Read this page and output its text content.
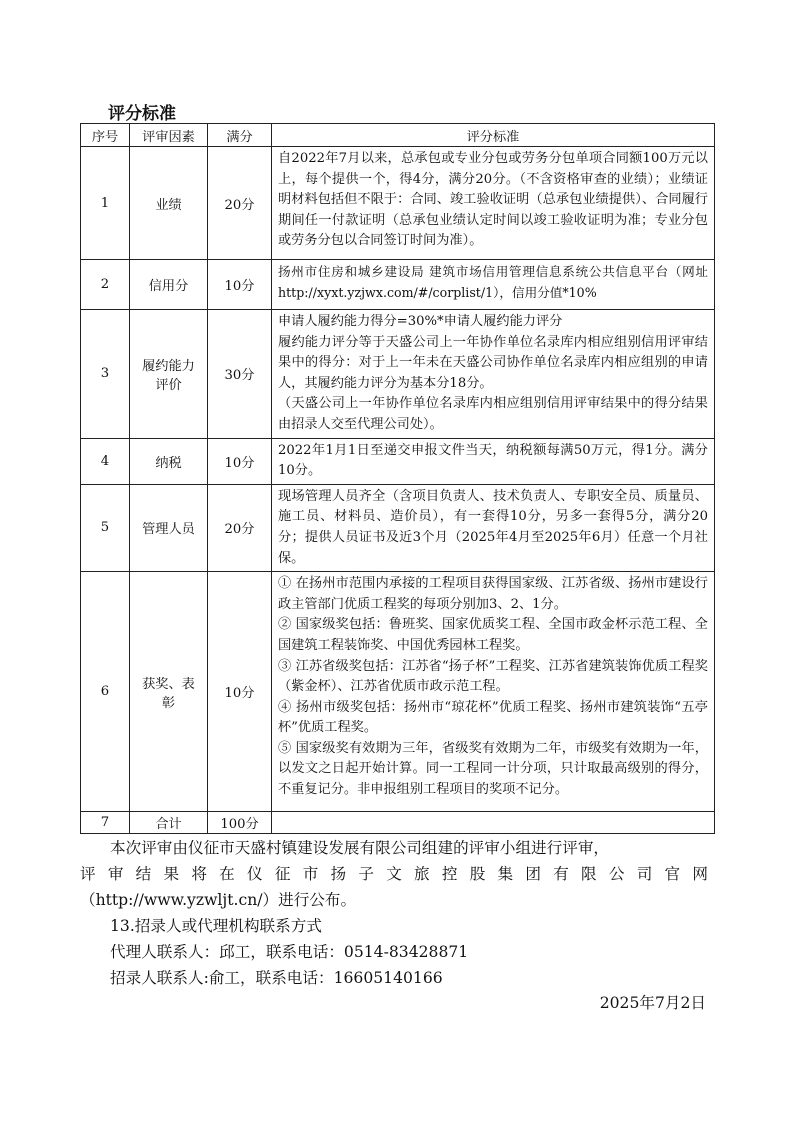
评分标准
序号	评审因素	满分	评分标准
1	业绩	20分	自2022年7月以来，总承包或专业分包或劳务分包单项合同额100万元以上，每个提供一个，得4分，满分20分。（不含资格审查的业绩）；业绩证明材料包括但不限于：合同、竣工验收证明（总承包业绩提供）、合同履行期间任一付款证明（总承包业绩认定时间以竣工验收证明为准；专业分包或劳务分包以合同签订时间为准）。

2	信用分	10分	扬州市住房和城乡建设局 建筑市场信用管理信息系统公共信息平台（网址http://xyxt.yzjwx.com/#/corplist/1），信用分值*10%

3	履约能力评价	30分	申请人履约能力得分=30%*申请人履约能力评分

履约能力评分等于天盛公司上一年协作单位名录库内相应组别信用评审结果中的得分：对于上一年未在天盛公司协作单位名录库内相应组别的申请人，其履约能力评分为基本分18分。

（天盛公司上一年协作单位名录库内相应组别信用评审结果中的得分结果由招录人交至代理公司处）。

4	纳税	10分	2022年1月1日至递交申报文件当天，纳税额每满50万元，得1分。满分10分。

5	管理人员	20分	现场管理人员齐全（含项目负责人、技术负责人、专职安全员、质量员、施工员、材料员、造价员），有一套得10分，另多一套得5分，满分20分；提供人员证书及近3个月（2025年4月至2025年6月）任意一个月社保。

6	获奖、表彰	10分	① 在扬州市范围内承接的工程项目获得国家级、江苏省级、扬州市建设行政主管部门优质工程奖的每项分别加3、2、1分。

② 国家级奖包括：鲁班奖、国家优质奖工程、全国市政金杯示范工程、全国建筑工程装饰奖、中国优秀园林工程奖。

③ 江苏省级奖包括：江苏省“扬子杯”工程奖、江苏省建筑装饰优质工程奖（紫金杯）、江苏省优质市政示范工程。

④ 扬州市级奖包括：扬州市“琼花杯”优质工程奖、扬州市建筑装饰“五亭杯”优质工程奖。

⑤ 国家级奖有效期为三年，省级奖有效期为二年，市级奖有效期为一年，以发文之日起开始计算。同一工程同一计分项，只计取最高级别的得分，不重复记分。非申报组别工程项目的奖项不记分。

7	合计	100分	
本次评审由仪征市天盛村镇建设发展有限公司组建的评审小组进行评审，
评审结果将在仪征市扬子文旅控股集团有限公司官网
（http://www.yzwljt.cn/）进行公布。
13.招录人或代理机构联系方式
代理人联系人：邱工，联系电话：0514-83428871
招录人联系人:俞工，联系电话：16605140166
2025年7月2日
